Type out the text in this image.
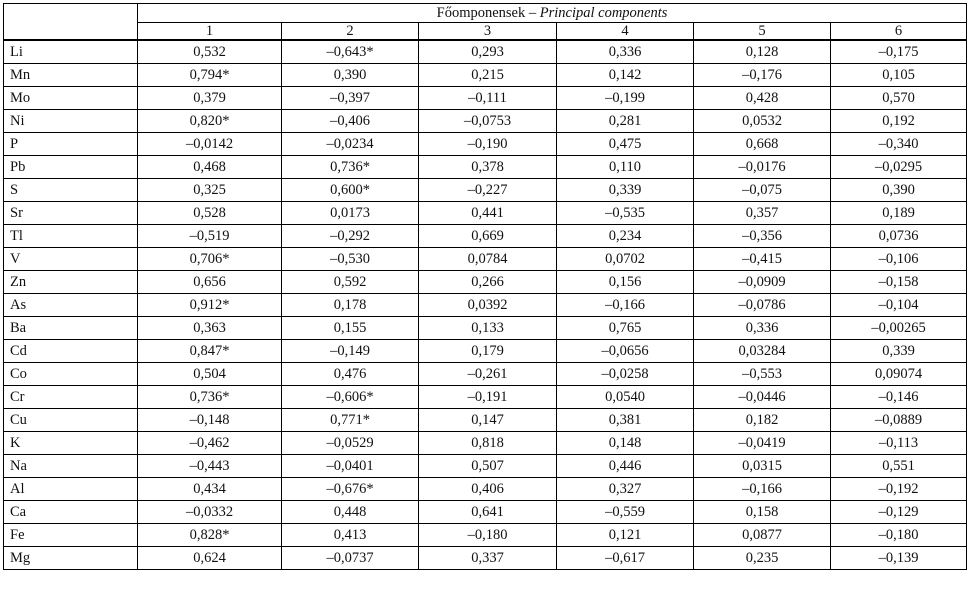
	Főomponensek – Principal components					
	1	2	3	4	5	6
Li	0,532	–0,643*	0,293	0,336	0,128	–0,175
Mn	0,794*	0,390	0,215	0,142	–0,176	0,105
Mo	0,379	–0,397	–0,111	–0,199	0,428	0,570
Ni	0,820*	–0,406	–0,0753	0,281	0,0532	0,192
P	–0,0142	–0,0234	–0,190	0,475	0,668	–0,340
Pb	0,468	0,736*	0,378	0,110	–0,0176	–0,0295
S	0,325	0,600*	–0,227	0,339	–0,075	0,390
Sr	0,528	0,0173	0,441	–0,535	0,357	0,189
Tl	–0,519	–0,292	0,669	0,234	–0,356	0,0736
V	0,706*	–0,530	0,0784	0,0702	–0,415	–0,106
Zn	0,656	0,592	0,266	0,156	–0,0909	–0,158
As	0,912*	0,178	0,0392	–0,166	–0,0786	–0,104
Ba	0,363	0,155	0,133	0,765	0,336	–0,00265
Cd	0,847*	–0,149	0,179	–0,0656	0,03284	0,339
Co	0,504	0,476	–0,261	–0,0258	–0,553	0,09074
Cr	0,736*	–0,606*	–0,191	0,0540	–0,0446	–0,146
Cu	–0,148	0,771*	0,147	0,381	0,182	–0,0889
K	–0,462	–0,0529	0,818	0,148	–0,0419	–0,113
Na	–0,443	–0,0401	0,507	0,446	0,0315	0,551
Al	0,434	–0,676*	0,406	0,327	–0,166	–0,192
Ca	–0,0332	0,448	0,641	–0,559	0,158	–0,129
Fe	0,828*	0,413	–0,180	0,121	0,0877	–0,180
Mg	0,624	–0,0737	0,337	–0,617	0,235	–0,139
